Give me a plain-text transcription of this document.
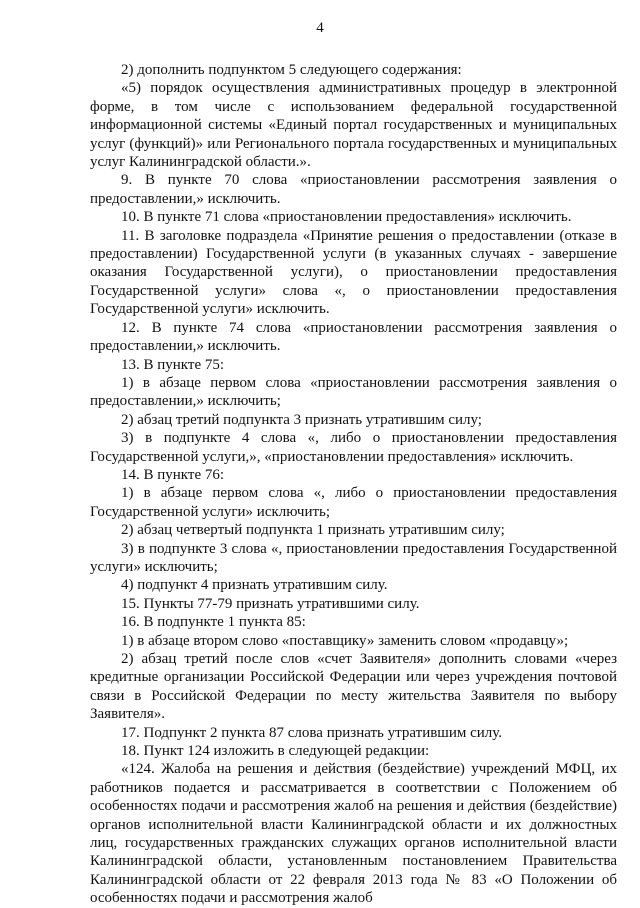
4

2) дополнить подпунктом 5 следующего содержания:

«5) порядок осуществления административных процедур в электронной форме, в том числе с использованием федеральной государственной информационной системы «Единый портал государственных и муниципальных услуг (функций)» или Регионального портала государственных и муниципальных услуг Калининградской области.».

9. В пункте 70 слова «приостановлении рассмотрения заявления о предоставлении,» исключить.

10. В пункте 71 слова «приостановлении предоставления» исключить.

11. В заголовке подраздела «Принятие решения о предоставлении (отказе в предоставлении) Государственной услуги (в указанных случаях - завершение оказания Государственной услуги), о приостановлении предоставления Государственной услуги» слова «, о приостановлении предоставления Государственной услуги» исключить.

12. В пункте 74 слова «приостановлении рассмотрения заявления о предоставлении,» исключить.

13. В пункте 75:

1) в абзаце первом слова «приостановлении рассмотрения заявления о предоставлении,» исключить;

2) абзац третий подпункта 3 признать утратившим силу;

3) в подпункте 4 слова «, либо о приостановлении предоставления Государственной услуги,», «приостановлении предоставления» исключить.

14. В пункте 76:

1) в абзаце первом слова «, либо о приостановлении предоставления Государственной услуги» исключить;

2) абзац четвертый подпункта 1 признать утратившим силу;

3) в подпункте 3 слова «, приостановлении предоставления Государственной услуги» исключить;

4) подпункт 4 признать утратившим силу.

15. Пункты 77-79 признать утратившими силу.

16. В подпункте 1 пункта 85:

1) в абзаце втором слово «поставщику» заменить словом «продавцу»;

2) абзац третий после слов «счет Заявителя» дополнить словами «через кредитные организации Российской Федерации или через учреждения почтовой связи в Российской Федерации по месту жительства Заявителя по выбору Заявителя».

17. Подпункт 2 пункта 87 слова признать утратившим силу.

18. Пункт 124 изложить в следующей редакции:

«124. Жалоба на решения и действия (бездействие) учреждений МФЦ, их работников подается и рассматривается в соответствии с Положением об особенностях подачи и рассмотрения жалоб на решения и действия (бездействие) органов исполнительной власти Калининградской области и их должностных лиц, государственных гражданских служащих органов исполнительной власти Калининградской области, установленным постановлением Правительства Калининградской области от 22 февраля 2013 года № 83 «О Положении об особенностях подачи и рассмотрения жалоб
